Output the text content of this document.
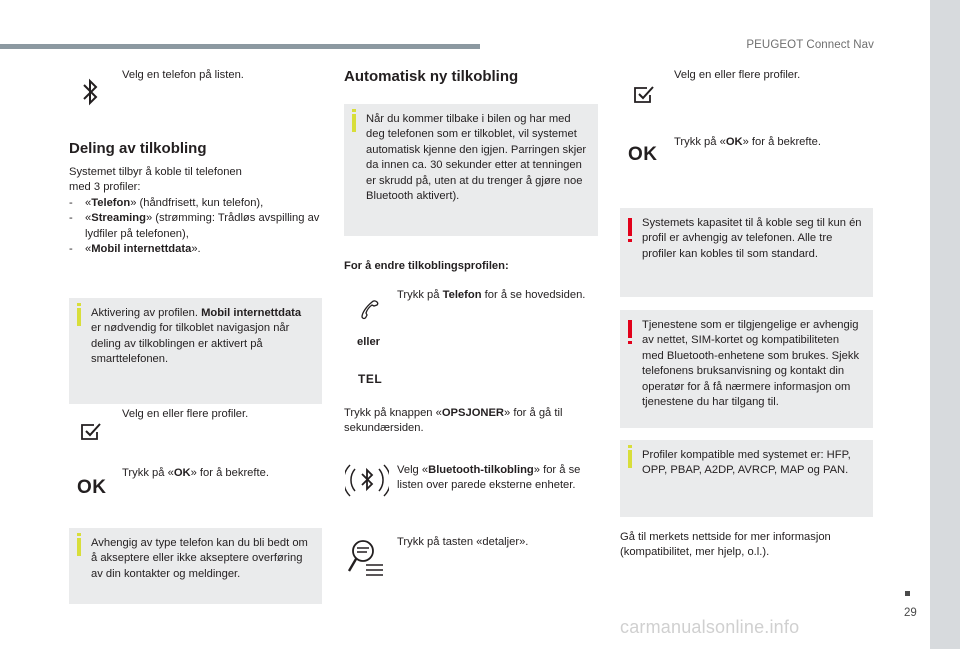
PEUGEOT Connect Nav
Velg en telefon på listen.
Deling av tilkobling
Systemet tilbyr å koble til telefonen med 3 profiler:
- «Telefon» (håndfrisett, kun telefon),
- «Streaming» (strømming: Trådløs avspilling av lydfiler på telefonen),
- «Mobil internettdata».
Aktivering av profilen. Mobil internettdata er nødvendig for tilkoblet navigasjon når deling av tilkoblingen er aktivert på smarttelefonen.
Velg en eller flere profiler.
OK
Trykk på «OK» for å bekrefte.
Avhengig av type telefon kan du bli bedt om å akseptere eller ikke akseptere overføring av din kontakter og meldinger.
Automatisk ny tilkobling
Når du kommer tilbake i bilen og har med deg telefonen som er tilkoblet, vil systemet automatisk kjenne den igjen. Parringen skjer da innen ca. 30 sekunder etter at tenningen er skrudd på, uten at du trenger å gjøre noe Bluetooth aktivert).
For å endre tilkoblingsprofilen:
Trykk på Telefon for å se hovedsiden.
eller
TEL
Trykk på knappen «OPSJONER» for å gå til sekundærsiden.
Velg «Bluetooth-tilkobling» for å se listen over parede eksterne enheter.
Trykk på tasten «detaljer».
Velg en eller flere profiler.
OK
Trykk på «OK» for å bekrefte.
Systemets kapasitet til å koble seg til kun én profil er avhengig av telefonen. Alle tre profiler kan kobles til som standard.
Tjenestene som er tilgjengelige er avhengig av nettet, SIM-kortet og kompatibiliteten med Bluetooth-enhetene som brukes. Sjekk telefonens bruksanvisning og kontakt din operatør for å få nærmere informasjon om tjenestene du har tilgang til.
Profiler kompatible med systemet er: HFP, OPP, PBAP, A2DP, AVRCP, MAP og PAN.
Gå til merkets nettside for mer informasjon (kompatibilitet, mer hjelp, o.l.).
29
carmanualsonline.info
